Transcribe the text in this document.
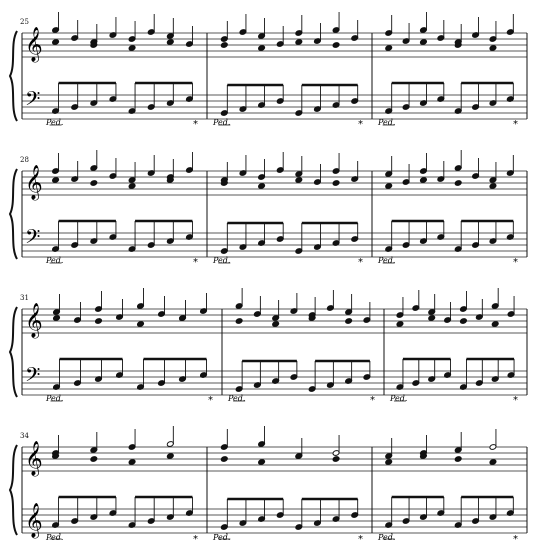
25
28
31
34
𝄞
𝄢
Ped.	* Ped.	* Ped.	*
𝄞
𝄢
Ped.	* Ped.	* Ped.	*
𝄞
𝄢
Ped.	* Ped.	* Ped.	*
𝄞
𝄞 Ped.	* Ped.	* Ped.	*
